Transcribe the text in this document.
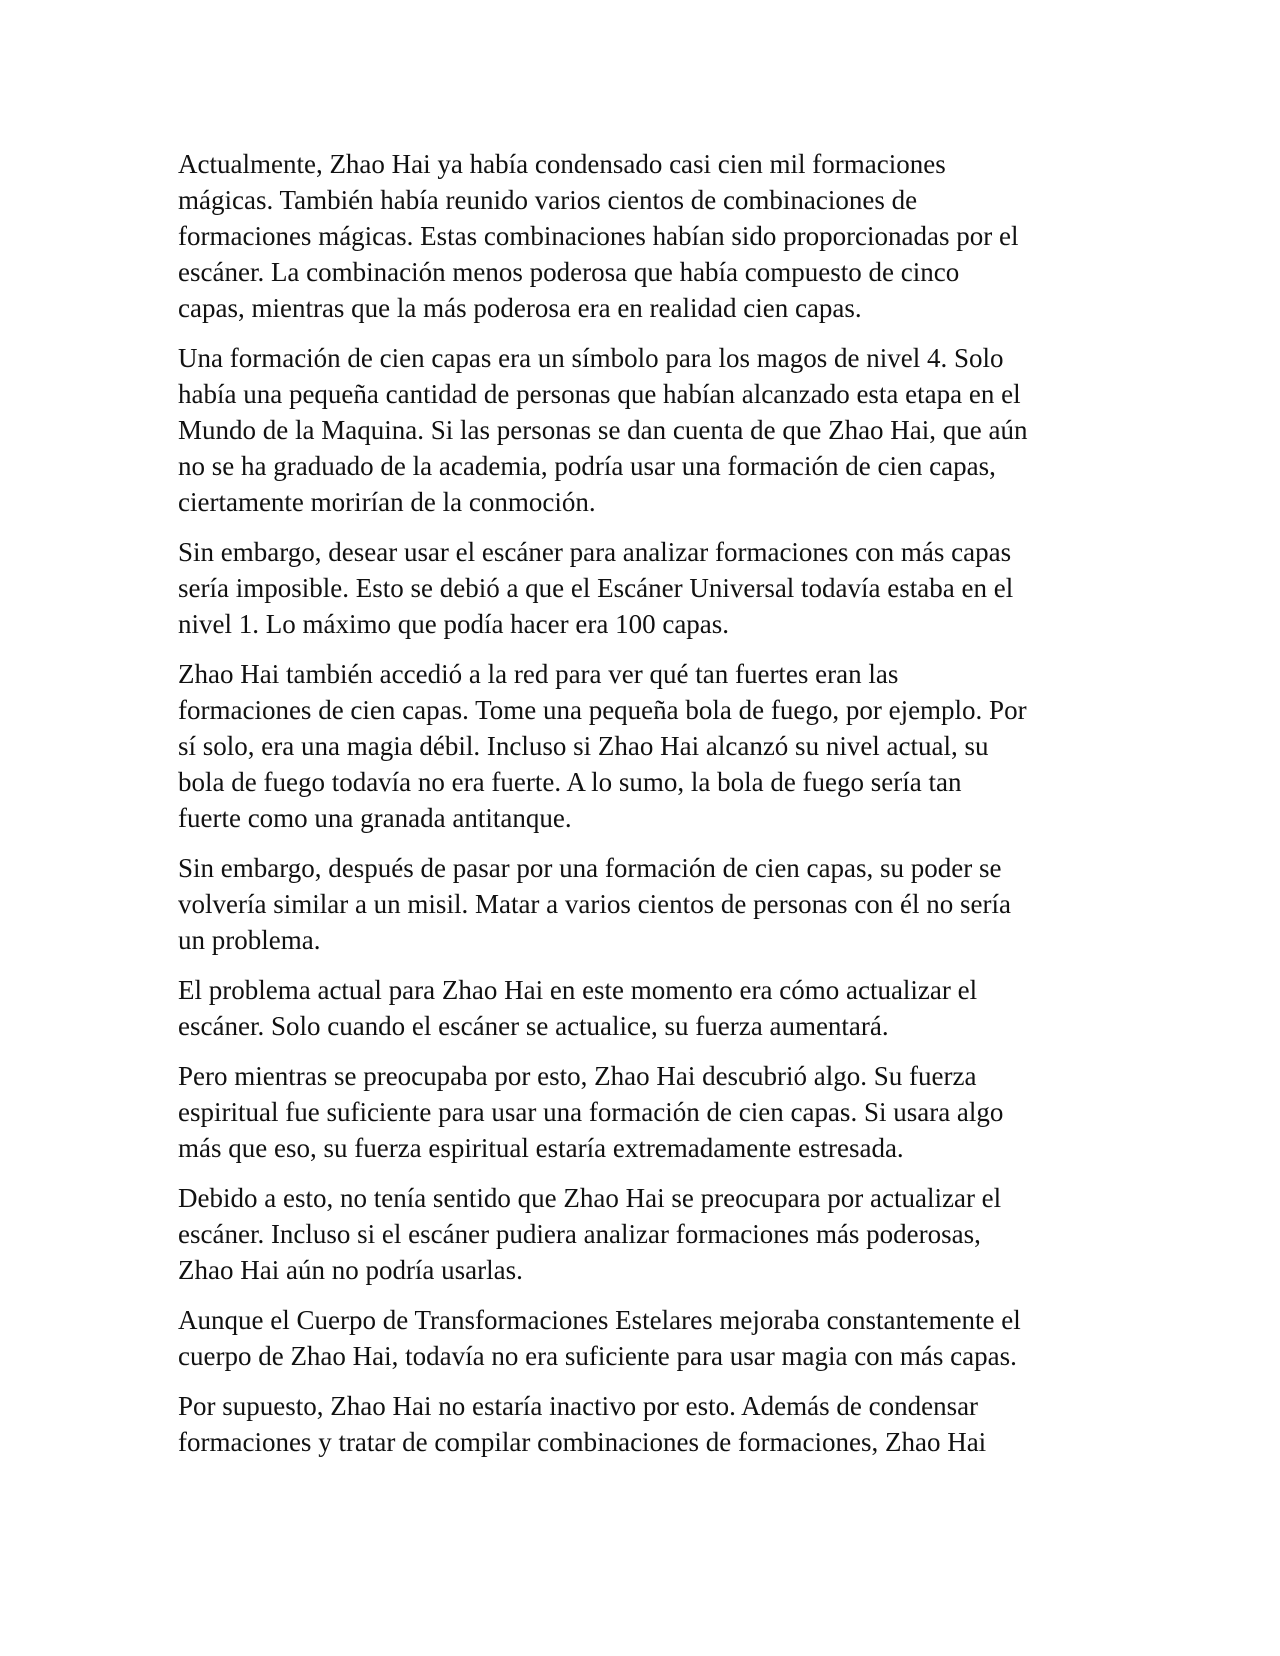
Actualmente, Zhao Hai ya había condensado casi cien mil formaciones
mágicas. También había reunido varios cientos de combinaciones de
formaciones mágicas. Estas combinaciones habían sido proporcionadas por el
escáner. La combinación menos poderosa que había compuesto de cinco
capas, mientras que la más poderosa era en realidad cien capas.

Una formación de cien capas era un símbolo para los magos de nivel 4. Solo
había una pequeña cantidad de personas que habían alcanzado esta etapa en el
Mundo de la Maquina. Si las personas se dan cuenta de que Zhao Hai, que aún
no se ha graduado de la academia, podría usar una formación de cien capas,
ciertamente morirían de la conmoción.

Sin embargo, desear usar el escáner para analizar formaciones con más capas
sería imposible. Esto se debió a que el Escáner Universal todavía estaba en el
nivel 1. Lo máximo que podía hacer era 100 capas.

Zhao Hai también accedió a la red para ver qué tan fuertes eran las
formaciones de cien capas. Tome una pequeña bola de fuego, por ejemplo. Por
sí solo, era una magia débil. Incluso si Zhao Hai alcanzó su nivel actual, su
bola de fuego todavía no era fuerte. A lo sumo, la bola de fuego sería tan
fuerte como una granada antitanque.

Sin embargo, después de pasar por una formación de cien capas, su poder se
volvería similar a un misil. Matar a varios cientos de personas con él no sería
un problema.

El problema actual para Zhao Hai en este momento era cómo actualizar el
escáner. Solo cuando el escáner se actualice, su fuerza aumentará.

Pero mientras se preocupaba por esto, Zhao Hai descubrió algo. Su fuerza
espiritual fue suficiente para usar una formación de cien capas. Si usara algo
más que eso, su fuerza espiritual estaría extremadamente estresada.

Debido a esto, no tenía sentido que Zhao Hai se preocupara por actualizar el
escáner. Incluso si el escáner pudiera analizar formaciones más poderosas,
Zhao Hai aún no podría usarlas.

Aunque el Cuerpo de Transformaciones Estelares mejoraba constantemente el
cuerpo de Zhao Hai, todavía no era suficiente para usar magia con más capas.

Por supuesto, Zhao Hai no estaría inactivo por esto. Además de condensar
formaciones y tratar de compilar combinaciones de formaciones, Zhao Hai
